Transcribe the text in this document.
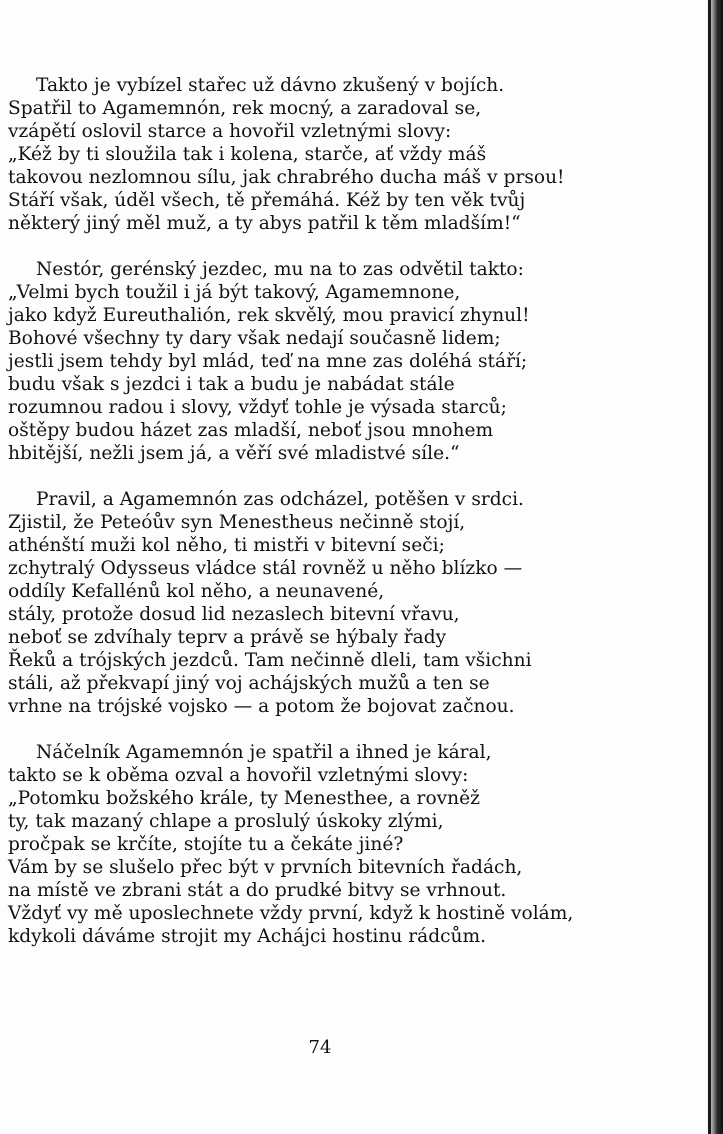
Takto je vybízel stařec už dávno zkušený v bojích.
Spatřil to Agamemnón, rek mocný, a zaradoval se,
vzápětí oslovil starce a hovořil vzletnými slovy:
„Kéž by ti sloužila tak i kolena, starče, ať vždy máš
takovou nezlomnou sílu, jak chrabrého ducha máš v prsou!
Stáří však, úděl všech, tě přemáhá. Kéž by ten věk tvůj
některý jiný měl muž, a ty abys patřil k těm mladším!“
Nestór, gerénský jezdec, mu na to zas odvětil takto:
„Velmi bych toužil i já být takový, Agamemnone,
jako když Eureuthalión, rek skvělý, mou pravicí zhynul!
Bohové všechny ty dary však nedají současně lidem;
jestli jsem tehdy byl mlád, teď na mne zas doléhá stáří;
budu však s jezdci i tak a budu je nabádat stále
rozumnou radou i slovy, vždyť tohle je výsada starců;
oštěpy budou házet zas mladší, neboť jsou mnohem
hbitější, nežli jsem já, a věří své mladistvé síle.“
Pravil, a Agamemnón zas odcházel, potěšen v srdci.
Zjistil, že Peteóův syn Menestheus nečinně stojí,
athénští muži kol něho, ti mistři v bitevní seči;
zchytralý Odysseus vládce stál rovněž u něho blízko —
oddíly Kefallénů kol něho, a neunavené,
stály, protože dosud lid nezaslech bitevní vřavu,
neboť se zdvíhaly teprv a právě se hýbaly řady
Řeků a trójských jezdců. Tam nečinně dleli, tam všichni
stáli, až překvapí jiný voj achájských mužů a ten se
vrhne na trójské vojsko — a potom že bojovat začnou.
Náčelník Agamemnón je spatřil a ihned je káral,
takto se k oběma ozval a hovořil vzletnými slovy:
„Potomku božského krále, ty Menesthee, a rovněž
ty, tak mazaný chlape a proslulý úskoky zlými,
pročpak se krčíte, stojíte tu a čekáte jiné?
Vám by se slušelo přec být v prvních bitevních řadách,
na místě ve zbrani stát a do prudké bitvy se vrhnout.
Vždyť vy mě uposlechnete vždy první, když k hostině volám,
kdykoli dáváme strojit my Achájci hostinu rádcům.
74
